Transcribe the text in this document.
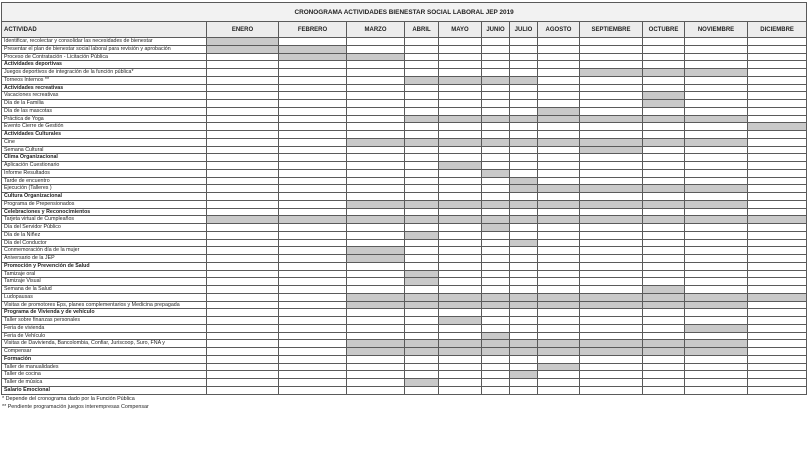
CRONOGRAMA ACTIVIDADES BIENESTAR SOCIAL LABORAL JEP 2019												
ACTIVIDAD	ENERO	FEBRERO	MARZO	ABRIL	MAYO	JUNIO	JULIO	AGOSTO	SEPTIEMBRE	OCTUBRE	NOVIEMBRE	DICIEMBRE
Identificar, recolectar y consolidar las necesidades de bienestar												
Presentar el plan de bienestar social laboral para revisión y aprobación												
Proceso de Contratación - Licitación Pública												
Actividades deportivas												
Juegos deportivos de integración de la función pública*												
Torneos Internos **												
Actividades recreativas												
Vacaciones recreativas												
Día de la Familia												
Día de las mascotas												
Práctica de Yoga												
Evento Cierre de Gestión												
Actividades Culturales												
Cine												
Semana Cultural												
Clima Organizacional												
Aplicación Cuestionario												
Informe Resultados												
Tarde de encuentro												
Ejecución (Talleres )												
Cultura Organizacional												
Programa de Prepensionados												
Celebraciones y Reconocimientos												
Tarjeta virtual de Cumpleaños												
Día del Servidor Público												
Día de la Niñez												
Día del Conductor												
Conmemoración día de la mujer												
Aniversario de la JEP												
Promoción y Prevención de Salud												
Tamizaje oral												
Tamizaje Visual												
Semana de la Salud												
Ludopausas												
Visitas de promotores Eps, planes complementarios y Medicina prepagada												
Programa de Vivienda y de vehículo												
Taller sobre finanzas personales												
Feria de vivienda												
Feria de Vehículo												
Visitas de Davivienda, Bancolombia, Confiar, Juriscoop, Suro, FNA y												
Compensar												
Formación												
Taller de manualidades												
Taller de cocina												
Taller de música												
Salario Emocional												
* Depende del cronograma dado por la Función Pública
** Pendiente programación juegos interempresas Compensar
